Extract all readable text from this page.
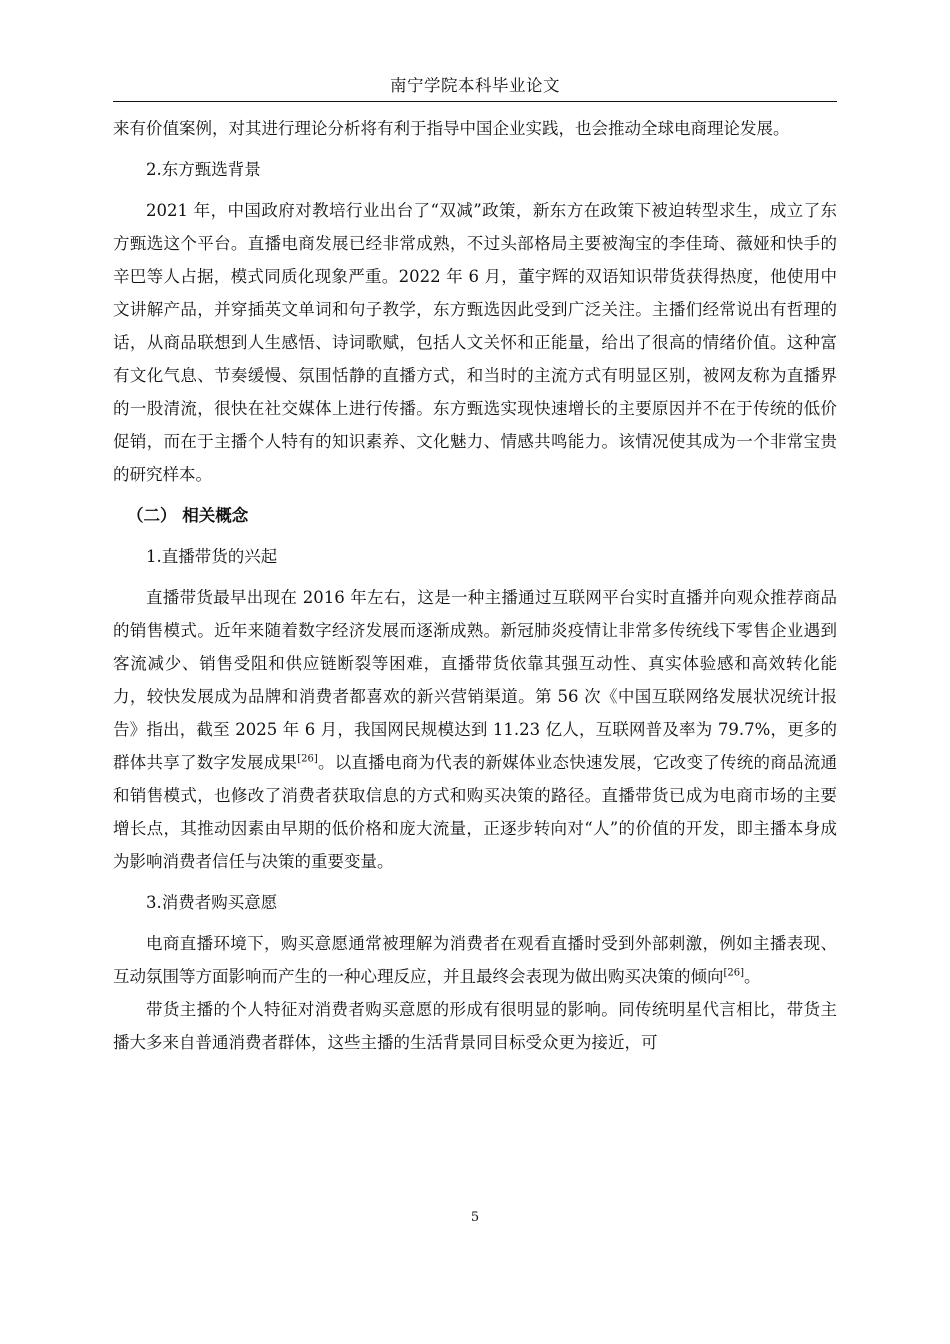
南宁学院本科毕业论文

来有价值案例，对其进行理论分析将有利于指导中国企业实践，也会推动全球电商理论发展。

2.东方甄选背景

2021 年，中国政府对教培行业出台了“双减”政策，新东方在政策下被迫转型求生，成立了东方甄选这个平台。直播电商发展已经非常成熟，不过头部格局主要被淘宝的李佳琦、薇娅和快手的辛巴等人占据，模式同质化现象严重。2022 年 6 月，董宇辉的双语知识带货获得热度，他使用中文讲解产品，并穿插英文单词和句子教学，东方甄选因此受到广泛关注。主播们经常说出有哲理的话，从商品联想到人生感悟、诗词歌赋，包括人文关怀和正能量，给出了很高的情绪价值。这种富有文化气息、节奏缓慢、氛围恬静的直播方式，和当时的主流方式有明显区别，被网友称为直播界的一股清流，很快在社交媒体上进行传播。东方甄选实现快速增长的主要原因并不在于传统的低价促销，而在于主播个人特有的知识素养、文化魅力、情感共鸣能力。该情况使其成为一个非常宝贵的研究样本。

（二） 相关概念

1.直播带货的兴起

直播带货最早出现在 2016 年左右，这是一种主播通过互联网平台实时直播并向观众推荐商品的销售模式。近年来随着数字经济发展而逐渐成熟。新冠肺炎疫情让非常多传统线下零售企业遇到客流减少、销售受阻和供应链断裂等困难，直播带货依靠其强互动性、真实体验感和高效转化能力，较快发展成为品牌和消费者都喜欢的新兴营销渠道。第 56 次《中国互联网络发展状况统计报告》指出，截至 2025 年 6 月，我国网民规模达到 11.23 亿人，互联网普及率为 79.7%，更多的群体共享了数字发展成果[26]。以直播电商为代表的新媒体业态快速发展，它改变了传统的商品流通和销售模式，也修改了消费者获取信息的方式和购买决策的路径。直播带货已成为电商市场的主要增长点，其推动因素由早期的低价格和庞大流量，正逐步转向对“人”的价值的开发，即主播本身成为影响消费者信任与决策的重要变量。

3.消费者购买意愿

电商直播环境下，购买意愿通常被理解为消费者在观看直播时受到外部刺激，例如主播表现、互动氛围等方面影响而产生的一种心理反应，并且最终会表现为做出购买决策的倾向[26]。

带货主播的个人特征对消费者购买意愿的形成有很明显的影响。同传统明星代言相比，带货主播大多来自普通消费者群体，这些主播的生活背景同目标受众更为接近，可

5
